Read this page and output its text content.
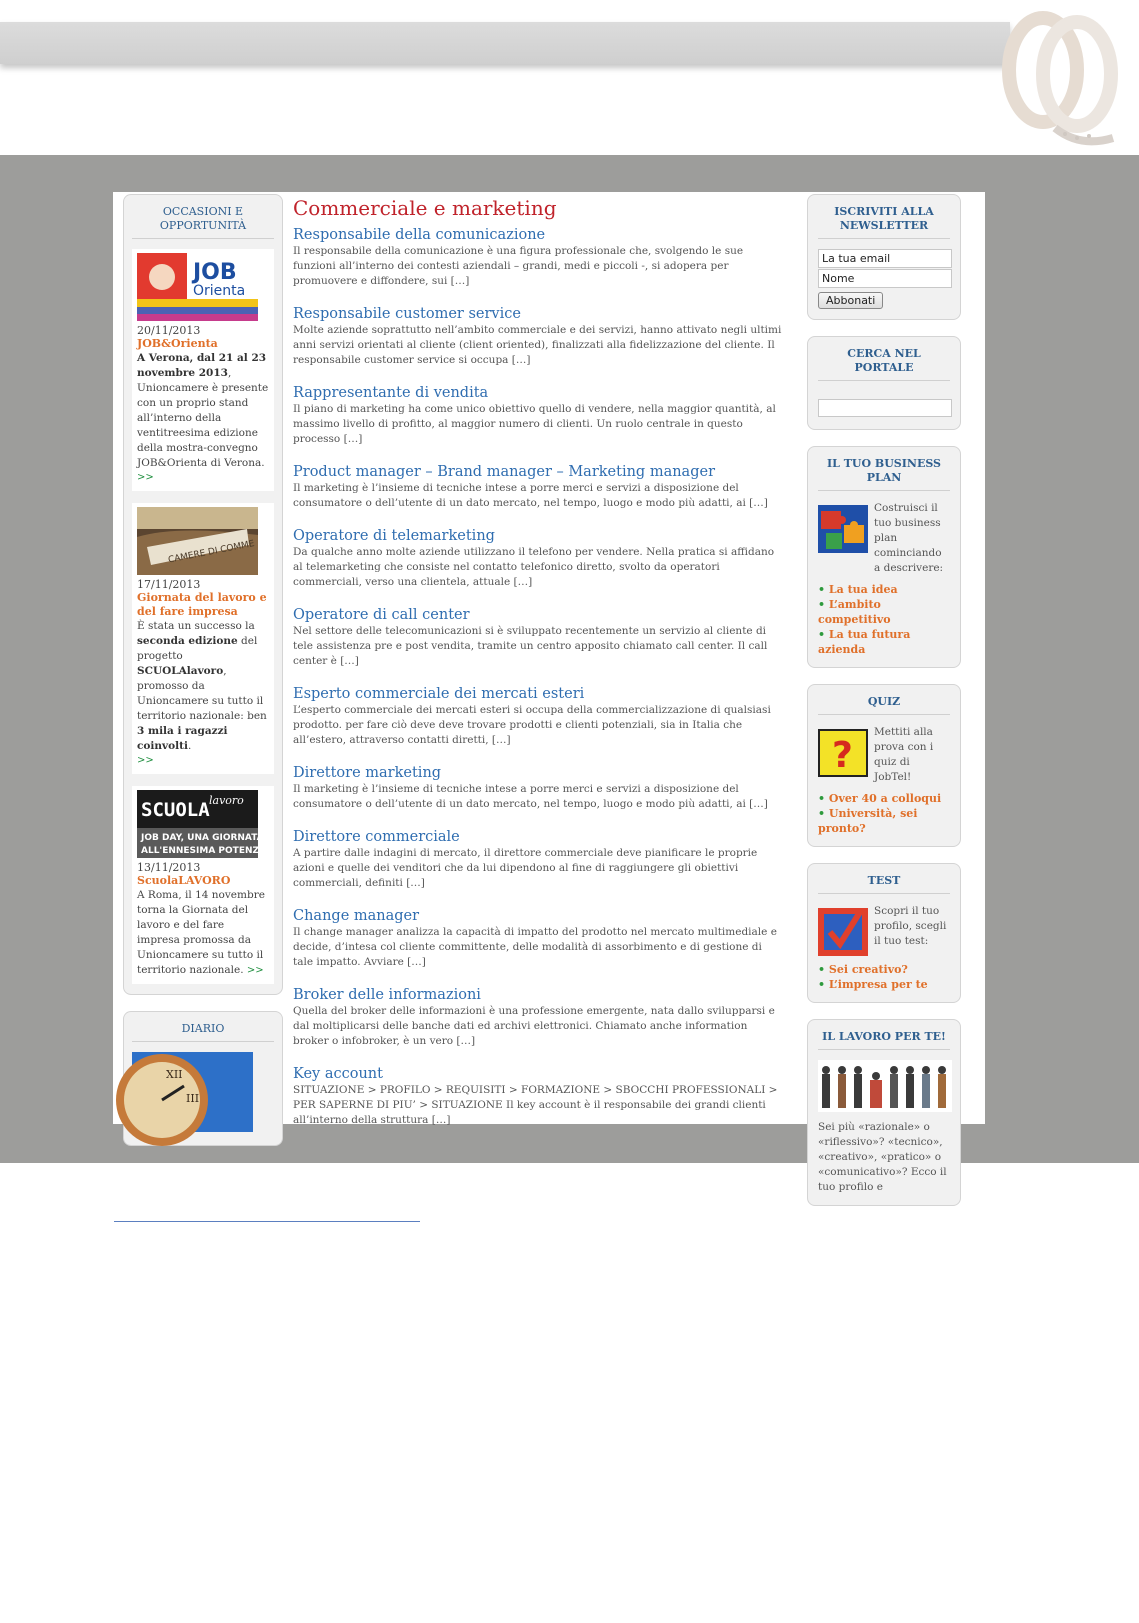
OCCASIONI E OPPORTUNITÀ
JOB
Orienta
20/11/2013
JOB&Orienta
A Verona, dal 21 al 23 novembre 2013, Unioncamere è presente con un proprio stand all’interno della ventitreesima edizione della mostra-convegno JOB&Orienta di Verona.
>>
CAMERE DI COMME
17/11/2013
Giornata del lavoro e del fare impresa
È stata un successo la seconda edizione del progetto SCUOLAlavoro, promosso da Unioncamere su tutto il territorio nazionale: ben 3 mila i ragazzi coinvolti.
>>
SCUOLA lavoro
JOB DAY, UNA GIORNATA
ALL'ENNESIMA POTENZA
13/11/2013
ScuolaLAVORO
A Roma, il 14 novembre torna la Giornata del lavoro e del fare impresa promossa da Unioncamere su tutto il territorio nazionale. >>
DIARIO
XII
III
Commerciale e marketing
Responsabile della comunicazione
Il responsabile della comunicazione è una figura professionale che, svolgendo le sue funzioni all’interno dei contesti aziendali – grandi, medi e piccoli -, si adopera per promuovere e diffondere, sui […]
Responsabile customer service
Molte aziende soprattutto nell’ambito commerciale e dei servizi, hanno attivato negli ultimi anni servizi orientati al cliente (client oriented), finalizzati alla fidelizzazione del cliente. Il responsabile customer service si occupa […]
Rappresentante di vendita
Il piano di marketing ha come unico obiettivo quello di vendere, nella maggior quantità, al massimo livello di profitto, al maggior numero di clienti. Un ruolo centrale in questo processo […]
Product manager – Brand manager – Marketing manager
Il marketing è l’insieme di tecniche intese a porre merci e servizi a disposizione del consumatore o dell’utente di un dato mercato, nel tempo, luogo e modo più adatti, ai […]
Operatore di telemarketing
Da qualche anno molte aziende utilizzano il telefono per vendere. Nella pratica si affidano al telemarketing che consiste nel contatto telefonico diretto, svolto da operatori commerciali, verso una clientela, attuale […]
Operatore di call center
Nel settore delle telecomunicazioni si è sviluppato recentemente un servizio al cliente di tele assistenza pre e post vendita, tramite un centro apposito chiamato call center. Il call center è […]
Esperto commerciale dei mercati esteri
L’esperto commerciale dei mercati esteri si occupa della commercializzazione di qualsiasi prodotto. per fare ciò deve deve trovare prodotti e clienti potenziali, sia in Italia che all’estero, attraverso contatti diretti, […]
Direttore marketing
Il marketing è l’insieme di tecniche intese a porre merci e servizi a disposizione del consumatore o dell’utente di un dato mercato, nel tempo, luogo e modo più adatti, ai […]
Direttore commerciale
A partire dalle indagini di mercato, il direttore commerciale deve pianificare le proprie azioni e quelle dei venditori che da lui dipendono al fine di raggiungere gli obiettivi commerciali, definiti […]
Change manager
Il change manager analizza la capacità di impatto del prodotto nel mercato multimediale e decide, d’intesa col cliente committente, delle modalità di assorbimento e di gestione di tale impatto. Avviare […]
Broker delle informazioni
Quella del broker delle informazioni è una professione emergente, nata dallo svilupparsi e dal moltiplicarsi delle banche dati ed archivi elettronici. Chiamato anche information broker o infobroker, è un vero […]
Key account
SITUAZIONE > PROFILO > REQUISITI > FORMAZIONE > SBOCCHI PROFESSIONALI > PER SAPERNE DI PIU’ > SITUAZIONE Il key account è il responsabile dei grandi clienti all’interno della struttura […]
ISCRIVITI ALLA NEWSLETTER
La tua email
Nome
Abbonati
CERCA NEL PORTALE
IL TUO BUSINESS PLAN
Costruisci il tuo business plan cominciando a descrivere:
• La tua idea
• L’ambito competitivo
• La tua futura azienda
QUIZ
?
Mettiti alla prova con i quiz di JobTel!
• Over 40 a colloqui
• Università, sei pronto?
TEST
Scopri il tuo profilo, scegli il tuo test:
• Sei creativo?
• L’impresa per te
IL LAVORO PER TE!
Sei più «razionale» o «riflessivo»? «tecnico», «creativo», «pratico» o «comunicativo»? Ecco il tuo profilo e
